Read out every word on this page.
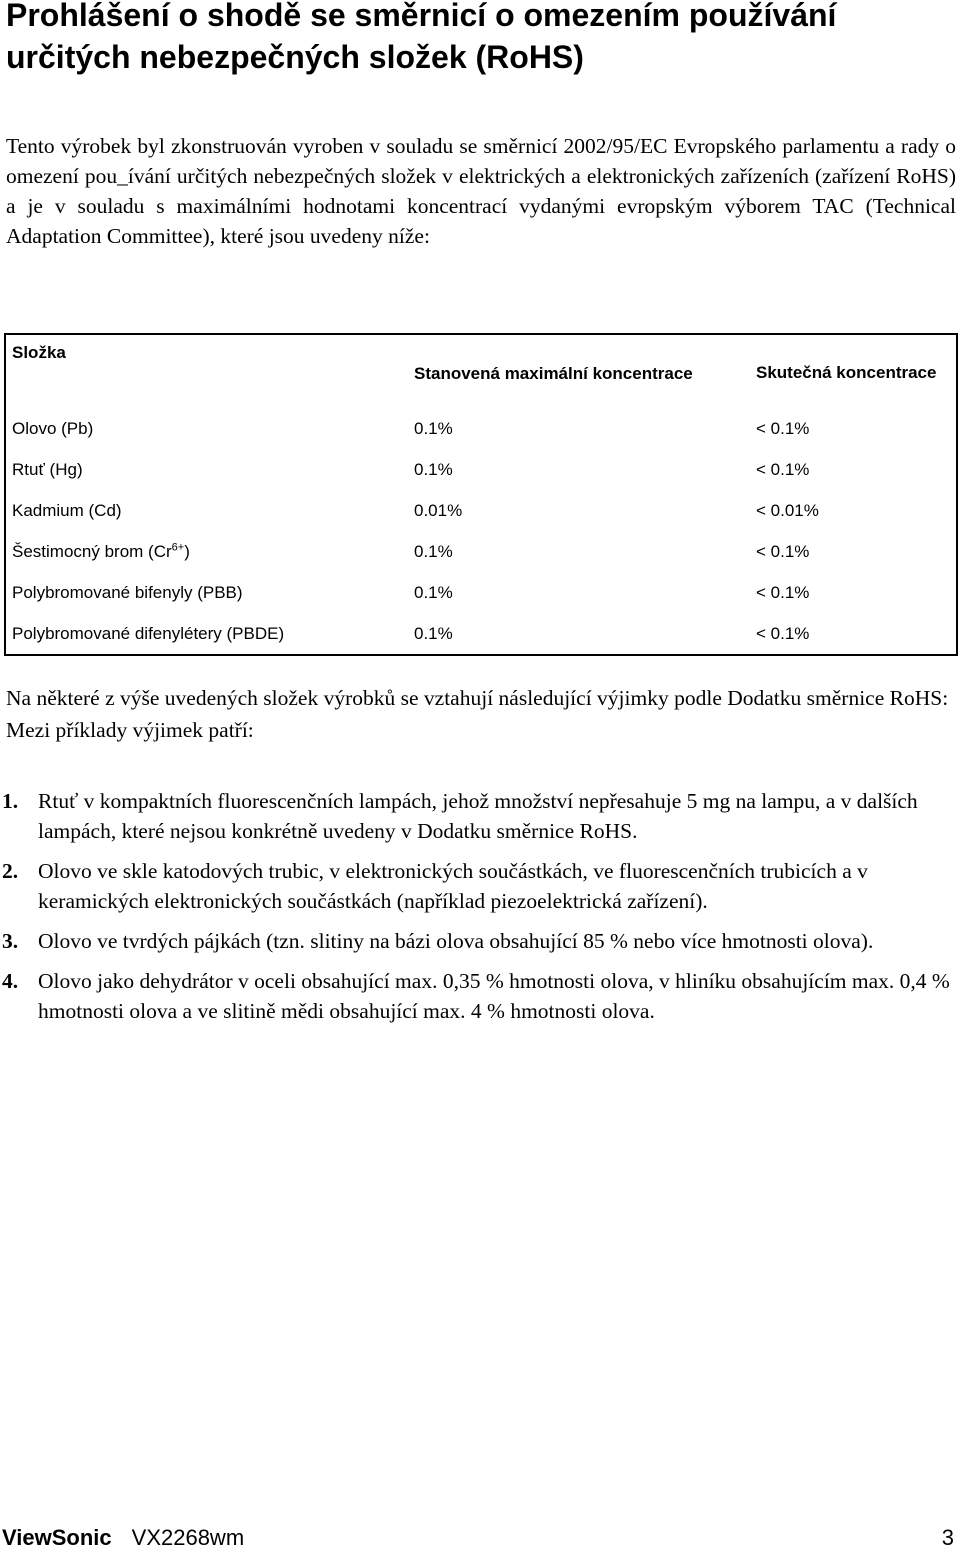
Prohlášení o shodě se směrnicí o omezením používání určitých nebezpečných složek (RoHS)

Tento výrobek byl zkonstruován vyroben v souladu se směrnicí 2002/95/EC Evropského parlamentu a rady o omezení pou_ívání určitých nebezpečných složek v elektrických a elektronických zařízeních (zařízení RoHS) a je v souladu s maximálními hodnotami koncentrací vydanými evropským výborem TAC (Technical Adaptation Committee), které jsou uvedeny níže:

Složka	Stanovená maximální koncentrace	Skutečná koncentrace
Olovo (Pb)	0.1%	< 0.1%
Rtuť (Hg)	0.1%	< 0.1%
Kadmium (Cd)	0.01%	< 0.01%
Šestimocný brom $(Cr^{6+})$	0.1%	< 0.1%
Polybromované bifenyly (PBB)	0.1%	< 0.1%
Polybromované difenylétery (PBDE)	0.1%	< 0.1%
Na některé z výše uvedených složek výrobků se vztahují následující výjimky podle Dodatku směrnice RoHS:
Mezi příklady výjimek patří:
1. Rtuť v kompaktních fluorescenčních lampách, jehož množství nepřesahuje 5 mg na lampu, a v dalších lampách, které nejsou konkrétně uvedeny v Dodatku směrnice RoHS.
2. Olovo ve skle katodových trubic, v elektronických součástkách, ve fluorescenčních trubicích a v keramických elektronických součástkách (například piezoelektrická zařízení).
3. Olovo ve tvrdých pájkách (tzn. slitiny na bázi olova obsahující 85 % nebo více hmotnosti olova).
4. Olovo jako dehydrátor v oceli obsahující max. 0,35 % hmotnosti olova, v hliníku obsahujícím max. 0,4 % hmotnosti olova a ve slitině mědi obsahující max. 4 % hmotnosti olova.
ViewSonic VX2268wm	3
